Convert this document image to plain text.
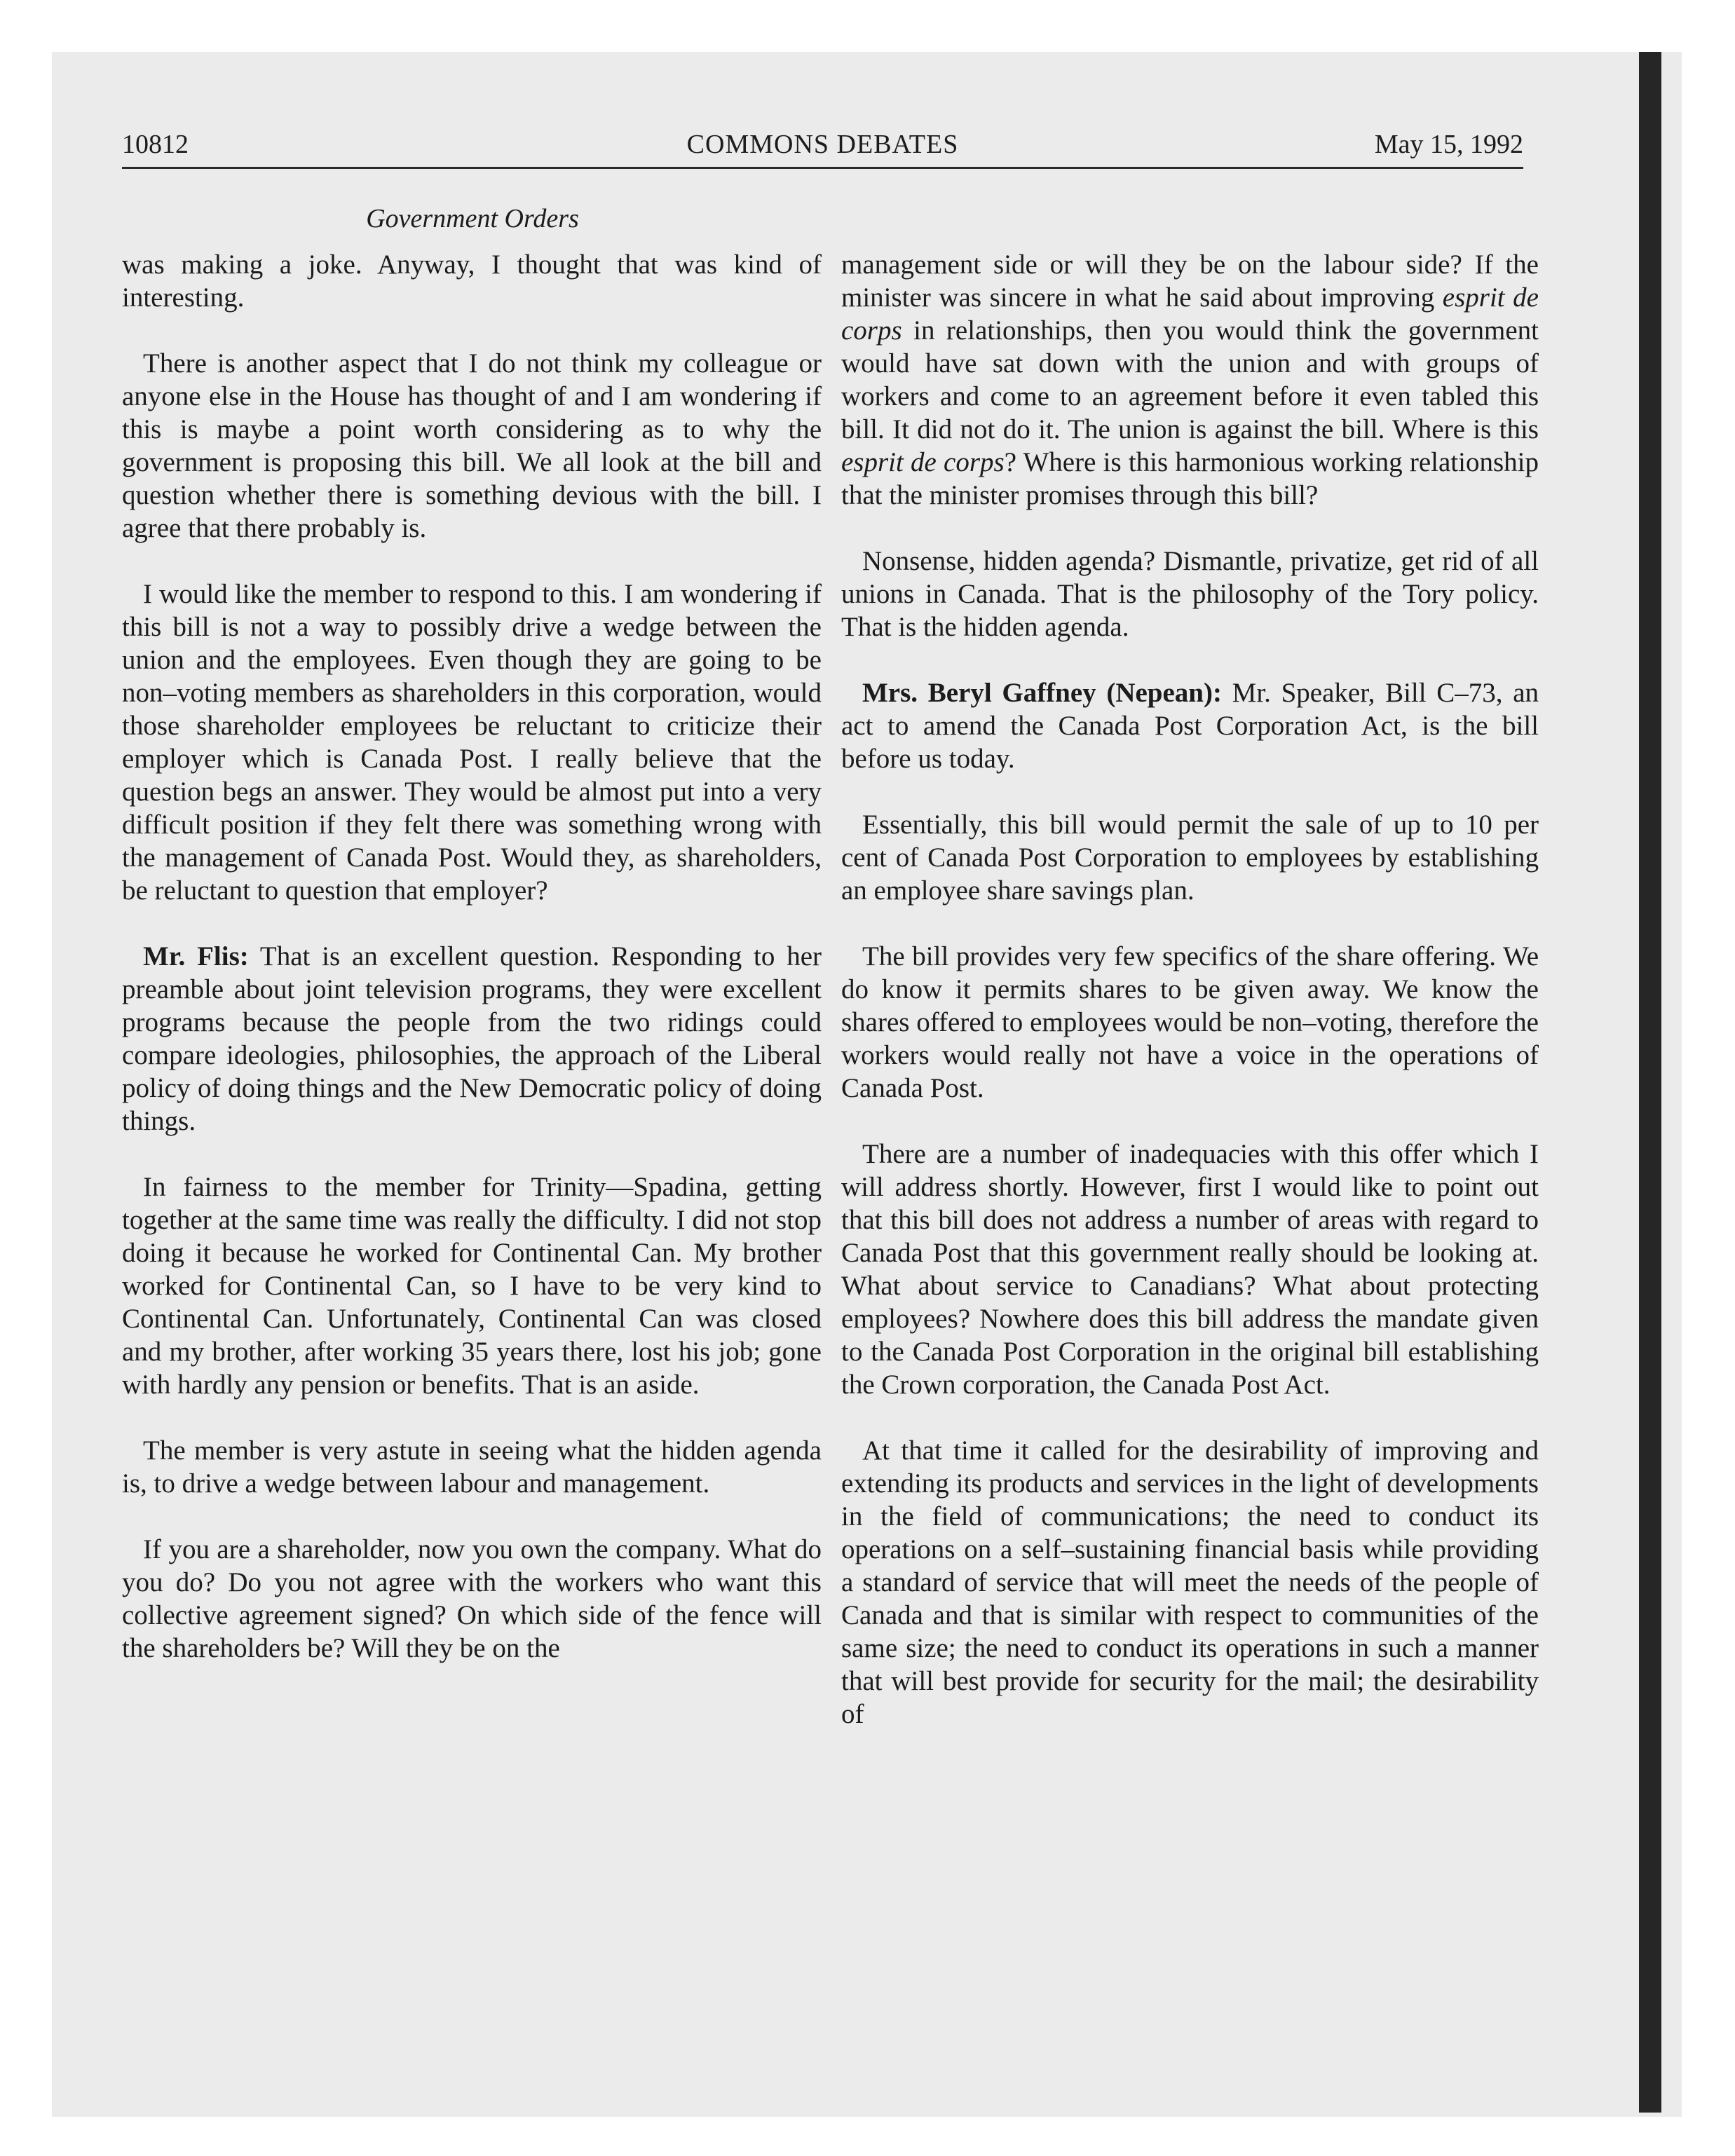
10812	COMMONS DEBATES	May 15, 1992
Government Orders

was making a joke. Anyway, I thought that was kind of interesting.

There is another aspect that I do not think my colleague or anyone else in the House has thought of and I am wondering if this is maybe a point worth considering as to why the government is proposing this bill. We all look at the bill and question whether there is something devious with the bill. I agree that there probably is.

I would like the member to respond to this. I am wondering if this bill is not a way to possibly drive a wedge between the union and the employees. Even though they are going to be non–voting members as shareholders in this corporation, would those shareholder employees be reluctant to criticize their employer which is Canada Post. I really believe that the question begs an answer. They would be almost put into a very difficult position if they felt there was something wrong with the management of Canada Post. Would they, as shareholders, be reluctant to question that employer?

Mr. Flis: That is an excellent question. Responding to her preamble about joint television programs, they were excellent programs because the people from the two ridings could compare ideologies, philosophies, the approach of the Liberal policy of doing things and the New Democratic policy of doing things.

In fairness to the member for Trinity—Spadina, getting together at the same time was really the difficulty. I did not stop doing it because he worked for Continental Can. My brother worked for Continental Can, so I have to be very kind to Continental Can. Unfortunately, Continental Can was closed and my brother, after working 35 years there, lost his job; gone with hardly any pension or benefits. That is an aside.

The member is very astute in seeing what the hidden agenda is, to drive a wedge between labour and management.

If you are a shareholder, now you own the company. What do you do? Do you not agree with the workers who want this collective agreement signed? On which side of the fence will the shareholders be? Will they be on the

management side or will they be on the labour side? If the minister was sincere in what he said about improving esprit de corps in relationships, then you would think the government would have sat down with the union and with groups of workers and come to an agreement before it even tabled this bill. It did not do it. The union is against the bill. Where is this esprit de corps? Where is this harmonious working relationship that the minister promises through this bill?

Nonsense, hidden agenda? Dismantle, privatize, get rid of all unions in Canada. That is the philosophy of the Tory policy. That is the hidden agenda.

Mrs. Beryl Gaffney (Nepean): Mr. Speaker, Bill C–73, an act to amend the Canada Post Corporation Act, is the bill before us today.

Essentially, this bill would permit the sale of up to 10 per cent of Canada Post Corporation to employees by establishing an employee share savings plan.

The bill provides very few specifics of the share offering. We do know it permits shares to be given away. We know the shares offered to employees would be non–voting, therefore the workers would really not have a voice in the operations of Canada Post.

There are a number of inadequacies with this offer which I will address shortly. However, first I would like to point out that this bill does not address a number of areas with regard to Canada Post that this government really should be looking at. What about service to Canadians? What about protecting employees? Nowhere does this bill address the mandate given to the Canada Post Corporation in the original bill establishing the Crown corporation, the Canada Post Act.

At that time it called for the desirability of improving and extending its products and services in the light of developments in the field of communications; the need to conduct its operations on a self–sustaining financial basis while providing a standard of service that will meet the needs of the people of Canada and that is similar with respect to communities of the same size; the need to conduct its operations in such a manner that will best provide for security for the mail; the desirability of
